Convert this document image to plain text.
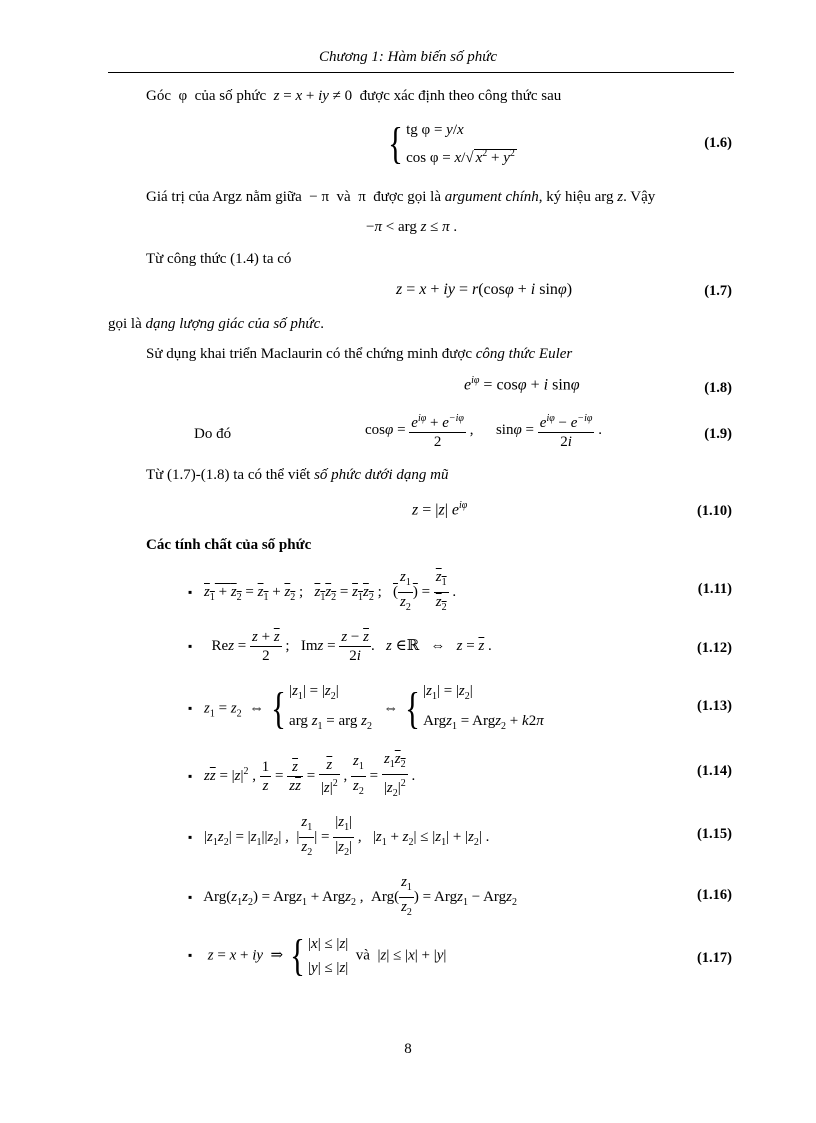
Chương 1: Hàm biến số phức
Góc  φ  của số phức z = x + iy ≠ 0  được xác định theo công thức sau
{ tg φ = y/x
cos φ = x/√ $x^2 + y^2$
(1.6)
Giá trị của Argz nằm giữa  − π  và  π  được gọi là argument chính, ký hiệu arg z. Vậy
−π < arg z ≤ π .
Từ công thức (1.4) ta có
z = x + iy = r(cosφ + i sinφ)	(1.7)
gọi là dạng lượng giác của số phức.
Sử dụng khai triển Maclaurin có thể chứng minh được công thức Euler
$e^{i\varphi} = \cos\varphi + i$ sinφ	(1.8)
Do đó	$\cos\varphi = \frac{e^{i\varphi} + e^{-i\varphi}}{2}$ ,      $\sin\varphi = \frac{e^{i\varphi} - e^{-i\varphi}}{2i}$ .	(1.9)
Từ (1.7)-(1.8) ta có thể viết số phức dưới dạng mũ
z = |z| $e^{i\varphi}$	(1.10)
Các tính chất của số phức
▪ $z_1 + z_2 = z_1 + z_2$ ;   $z_1z_2 = z_1z_2$ ;   ( $\frac{z_1}{z_2}$ ) = $\frac{z_1}{z_2}$ .	(1.11)
▪   Rez = $\frac{z + \overline{z}}{2}$ ;   Imz = $\frac{z - \overline{z}}{2i}$ .   z ∈ℝ   ⇔   $z = \overline{z}$ .	(1.12)
▪ $z_1 = z_2$  ⇔ { $|z_1| = |z_2|$
arg $z_1$ = arg $z_2$
⇔ { $|z_1| = |z_2|$
Argz$_1$ = Argz$_2$ + k2π
(1.13)
▪ $z\overline{z} = |z|^2$ , $\frac{1}{z} = \frac{\overline{z}}{z\overline{z}} = \frac{\overline{z}}{|z|^2}$ , $\frac{z_1}{z_2} = \frac{z_1z_2}{|z_2|^2}$ .	(1.14)
▪ $|z_1z_2| = |z_1||z_2|$ ,  | $\frac{z_1}{z_2}$ | = $\frac{|z_1|}{|z_2|}$ ,   $|z_1 + z_2| \le |z_1| + |z_2|$ .	(1.15)
▪ $Arg(z_1z_2)$ = Argz$_1$ + Argz$_2$ ,  $Arg( \frac{z_1}{z_2}$ ) = Argz$_1$ − Argz$_2$	(1.16)
▪ z = x + iy  ⇒ { |x| ≤ |z|
|y| ≤ |z|
và  |z| ≤ |x| + |y|	(1.17)
8
